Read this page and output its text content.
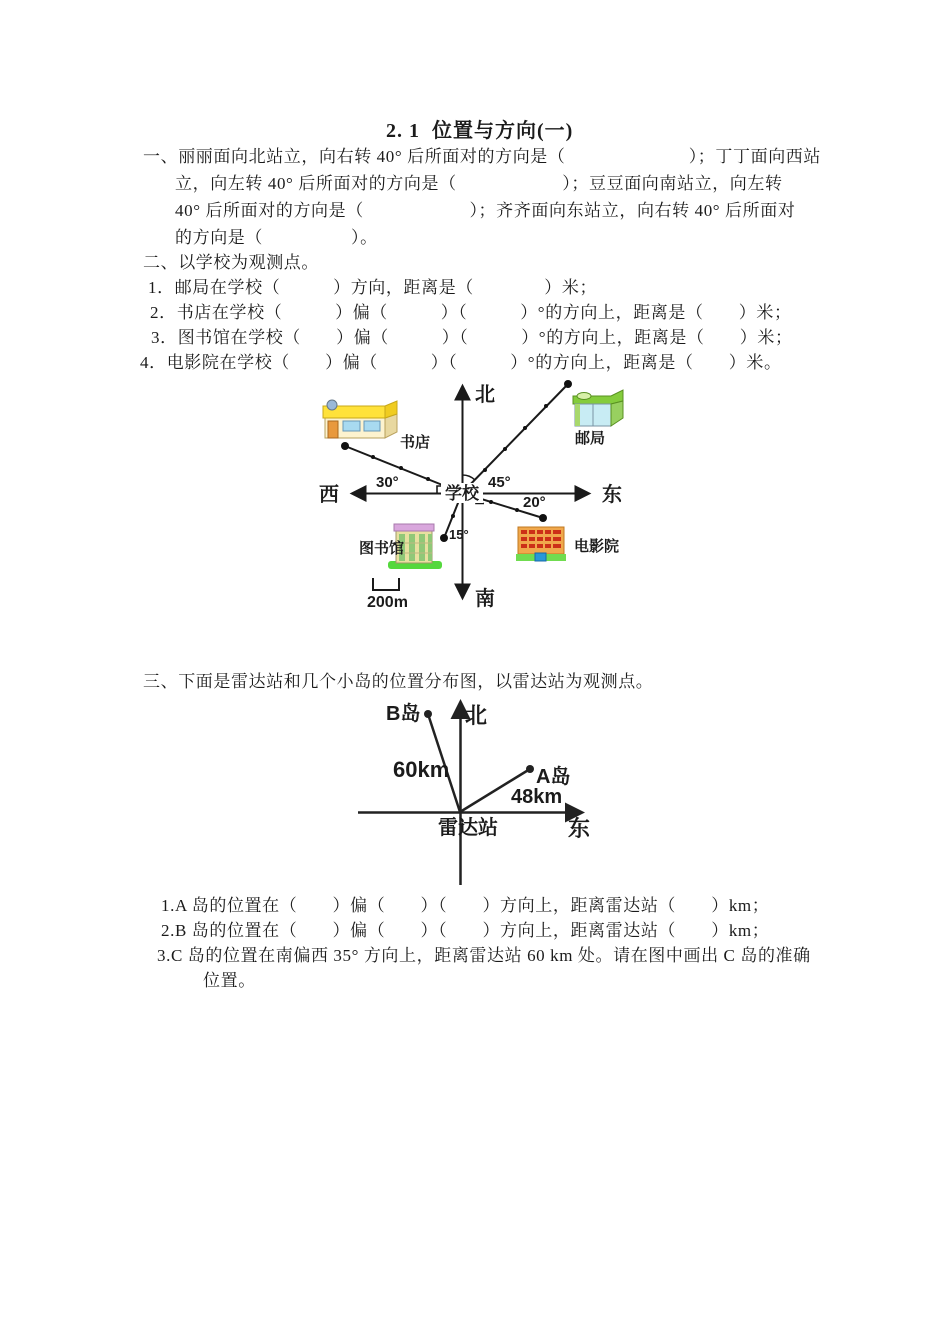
2. 1  位置与方向(一)
一、丽丽面向北站立，向右转 40° 后所面对的方向是（　　　　　　　）；丁丁面向西站
立，向左转 40° 后所面对的方向是（　　　　　　）；豆豆面向南站立，向左转
40° 后所面对的方向是（　　　　　　）；齐齐面向东站立，向右转 40° 后所面对
的方向是（　　　　　）。
二、以学校为观测点。
1．邮局在学校（　　　）方向，距离是（　　　　）米；
2．书店在学校（　　　）偏（　　　）（　　　）°的方向上，距离是（　　）米；
3．图书馆在学校（　　）偏（　　　）（　　　）°的方向上，距离是（　　）米；
4．电影院在学校（　　）偏（　　　）（　　　）°的方向上，距离是（　　）米。
学校
北
南
西	东
书店	邮局
图书馆	电影院
30°	45°
20°
15°
200m
三、下面是雷达站和几个小岛的位置分布图，以雷达站为观测点。
北
B岛
60km	A岛
48km
雷达站	东
1.A 岛的位置在（　　）偏（　　）（　　）方向上，距离雷达站（　　）km；
2.B 岛的位置在（　　）偏（　　）（　　）方向上，距离雷达站（　　）km；
3.C 岛的位置在南偏西 35° 方向上，距离雷达站 60 km 处。请在图中画出 C 岛的准确
位置。
